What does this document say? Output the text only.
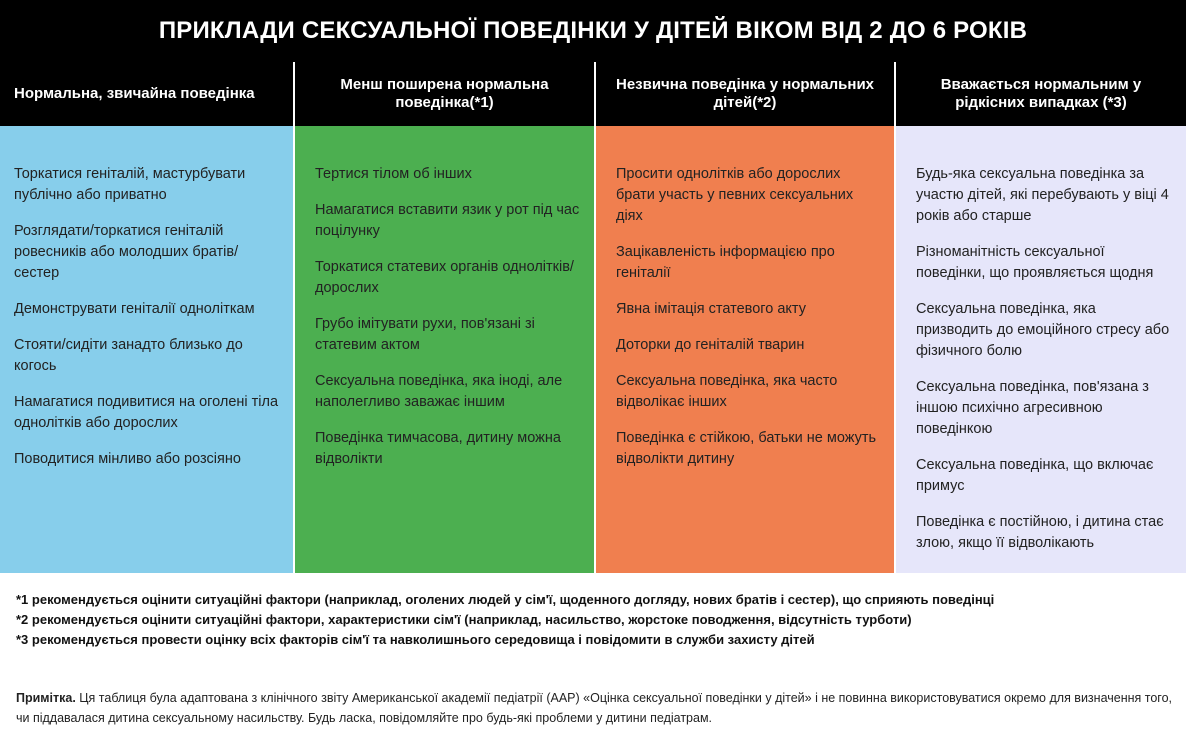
ПРИКЛАДИ СЕКСУАЛЬНОЇ ПОВЕДІНКИ У ДІТЕЙ ВІКОМ ВІД 2 ДО 6 РОКІВ
Нормальна, звичайна поведінка
Торкатися геніталій, мастурбувати публічно або приватно
Розглядати/торкатися геніталій ровесників або молодших братів/сестер
Демонструвати геніталії одноліткам
Стояти/сидіти занадто близько до когось
Намагатися подивитися на оголені тіла однолітків або дорослих
Поводитися мінливо або розсіяно
Менш поширена нормальна поведінка(*1)
Тертися тілом об інших
Намагатися вставити язик у рот під час поцілунку
Торкатися статевих органів однолітків/дорослих
Грубо імітувати рухи, пов'язані зі статевим актом
Сексуальна поведінка, яка іноді, але наполегливо заважає іншим
Поведінка тимчасова, дитину можна відволікти
Незвична поведінка у нормальних дітей(*2)
Просити однолітків або дорослих брати участь у певних сексуальних діях
Зацікавленість інформацією про геніталії
Явна імітація статевого акту
Доторки до геніталій тварин
Сексуальна поведінка, яка часто відволікає інших
Поведінка є стійкою, батьки не можуть відволікти дитину
Вважається нормальним у рідкісних випадках (*3)
Будь-яка сексуальна поведінка за участю дітей, які перебувають у віці 4 років або старше
Різноманітність сексуальної поведінки, що проявляється щодня
Сексуальна поведінка, яка призводить до емоційного стресу або фізичного болю
Сексуальна поведінка, пов'язана з іншою психічно агресивною поведінкою
Сексуальна поведінка, що включає примус
Поведінка є постійною, і дитина стає злою, якщо її відволікають
*1 рекомендується оцінити ситуаційні фактори (наприклад, оголених людей у сім'ї, щоденного догляду, нових братів і сестер), що сприяють поведінці
*2 рекомендується оцінити ситуаційні фактори, характеристики сім'ї (наприклад, насильство, жорстоке поводження, відсутність турботи)
*3 рекомендується провести оцінку всіх факторів сім'ї та навколишнього середовища і повідомити в служби захисту дітей
Примітка. Ця таблиця була адаптована з клінічного звіту Американської академії педіатрії (AAP) «Оцінка сексуальної поведінки у дітей» і не повинна використовуватися окремо для визначення того, чи піддавалася дитина сексуальному насильству. Будь ласка, повідомляйте про будь-які проблеми у дитини педіатрам.
